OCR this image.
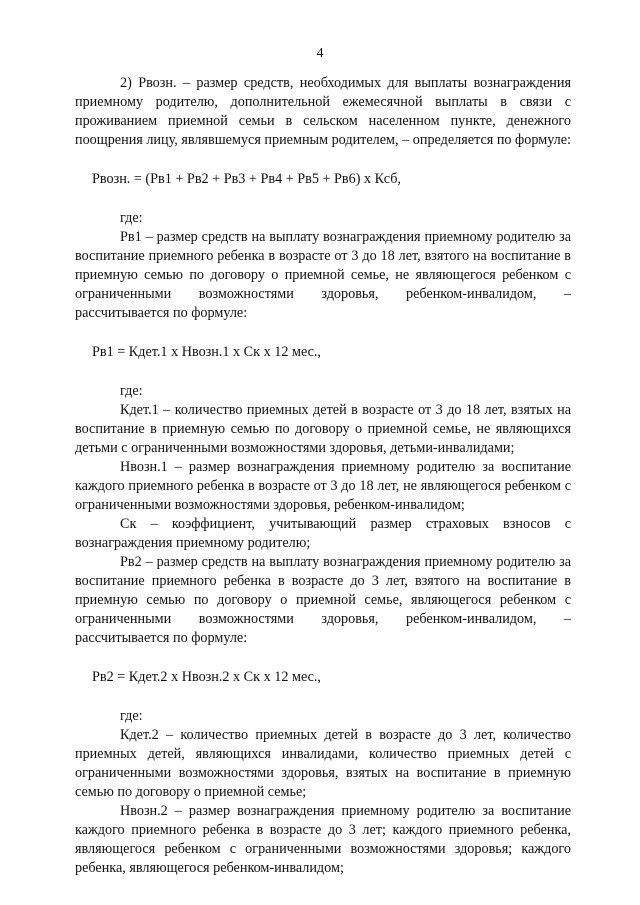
4

2) Рвозн. – размер средств, необходимых для выплаты вознаграждения приемному родителю, дополнительной ежемесячной выплаты в связи с проживанием приемной семьи в сельском населенном пункте, денежного поощрения лицу, являвшемуся приемным родителем, – определяется по формуле:

Рвозн. = (Рв1 + Рв2 + Рв3 + Рв4 + Рв5 + Рв6) х Ксб,

где:

Рв1 – размер средств на выплату вознаграждения приемному родителю за воспитание приемного ребенка в возрасте от 3 до 18 лет, взятого на воспитание в приемную семью по договору о приемной семье, не являющегося ребенком с ограниченными возможностями здоровья, ребенком-инвалидом, – рассчитывается по формуле:

Рв1 = Кдет.1 х Нвозн.1 х Ск х 12 мес.,

где:

Кдет.1 – количество приемных детей в возрасте от 3 до 18 лет, взятых на воспитание в приемную семью по договору о приемной семье, не являющихся детьми с ограниченными возможностями здоровья, детьми-инвалидами;

Нвозн.1 – размер вознаграждения приемному родителю за воспитание каждого приемного ребенка в возрасте от 3 до 18 лет, не являющегося ребенком с ограниченными возможностями здоровья, ребенком-инвалидом;

Ск – коэффициент, учитывающий размер страховых взносов с вознаграждения приемному родителю;

Рв2 – размер средств на выплату вознаграждения приемному родителю за воспитание приемного ребенка в возрасте до 3 лет, взятого на воспитание в приемную семью по договору о приемной семье, являющегося ребенком с ограниченными возможностями здоровья, ребенком-инвалидом, – рассчитывается по формуле:

Рв2 = Кдет.2 х Нвозн.2 х Ск х 12 мес.,

где:

Кдет.2 – количество приемных детей в возрасте до 3 лет, количество приемных детей, являющихся инвалидами, количество приемных детей с ограниченными возможностями здоровья, взятых на воспитание в приемную семью по договору о приемной семье;

Нвозн.2 – размер вознаграждения приемному родителю за воспитание каждого приемного ребенка в возрасте до 3 лет; каждого приемного ребенка, являющегося ребенком с ограниченными возможностями здоровья; каждого ребенка, являющегося ребенком-инвалидом;
